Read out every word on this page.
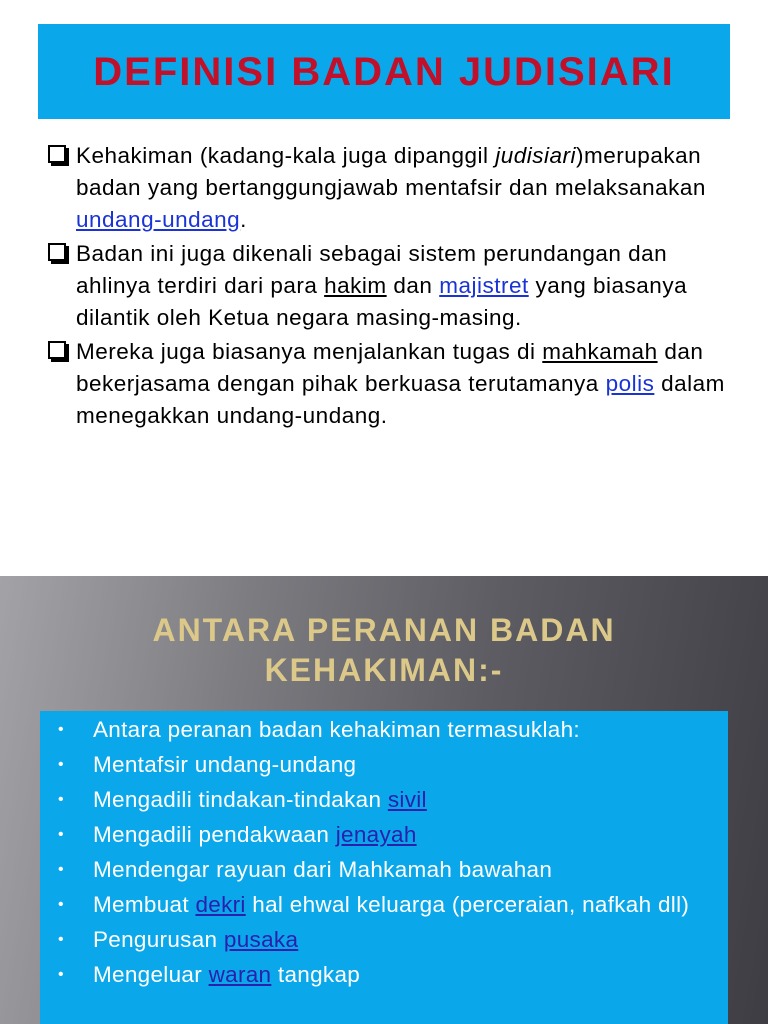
DEFINISI BADAN JUDISIARI
Kehakiman (kadang-kala juga dipanggil judisiari)merupakan badan yang bertanggungjawab mentafsir dan melaksanakan undang-undang.
Badan ini juga dikenali sebagai sistem perundangan dan ahlinya terdiri dari para hakim dan majistret yang biasanya dilantik oleh Ketua negara masing-masing.
Mereka juga biasanya menjalankan tugas di mahkamah dan bekerjasama dengan pihak berkuasa terutamanya polis dalam menegakkan undang-undang.
ANTARA PERANAN BADAN
KEHAKIMAN:-
• Antara peranan badan kehakiman termasuklah:
• Mentafsir undang-undang
• Mengadili tindakan-tindakan sivil
• Mengadili pendakwaan jenayah
• Mendengar rayuan dari Mahkamah bawahan
• Membuat dekri hal ehwal keluarga (perceraian, nafkah dll)
• Pengurusan pusaka
• Mengeluar waran tangkap
